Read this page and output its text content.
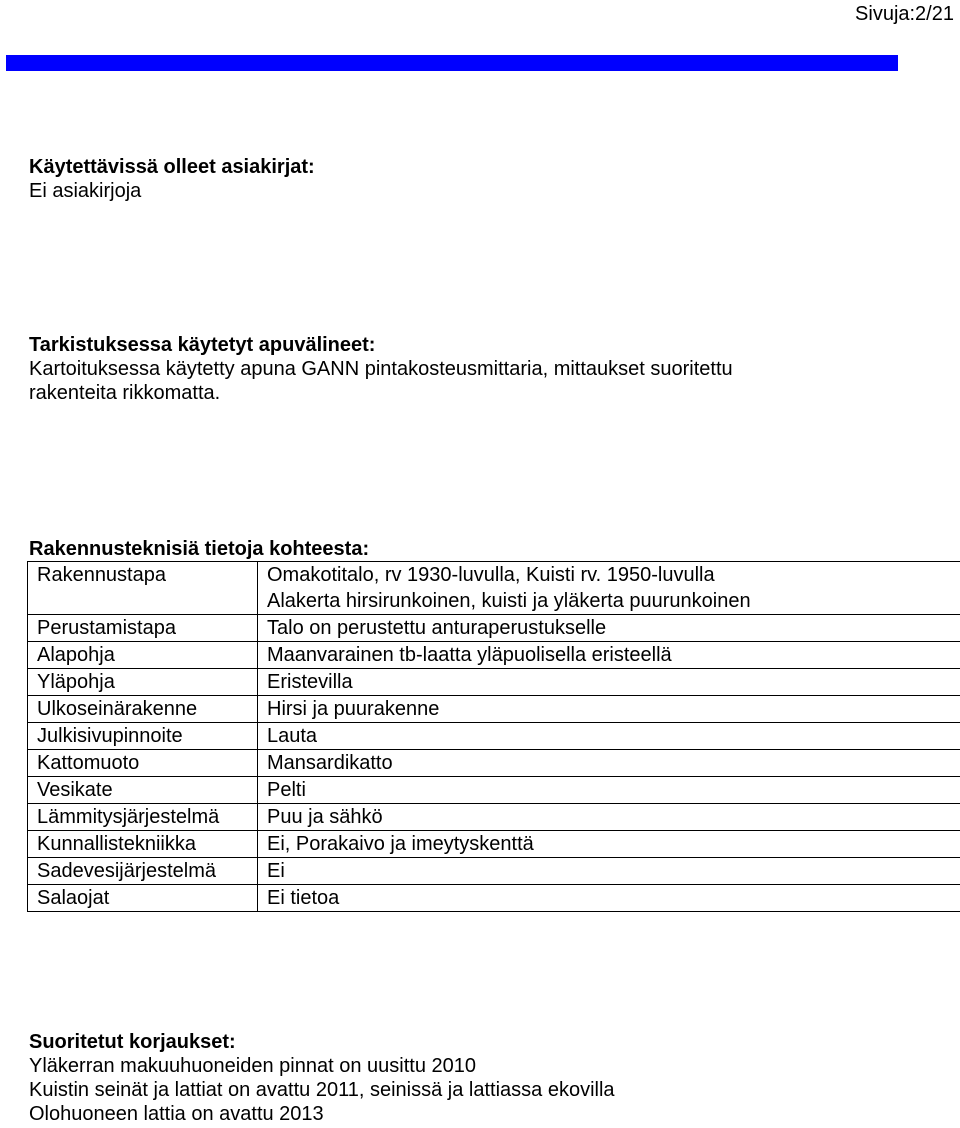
Sivuja:2/21
Käytettävissä olleet asiakirjat:
Ei asiakirjoja
Tarkistuksessa käytetyt apuvälineet:
Kartoituksessa käytetty apuna GANN pintakosteusmittaria, mittaukset suoritettu
rakenteita rikkomatta.
Rakennusteknisiä tietoja kohteesta:
Rakennustapa	Omakotitalo, rv 1930-luvulla, Kuisti rv. 1950-luvulla
Alakerta hirsirunkoinen, kuisti ja yläkerta puurunkoinen

Perustamistapa	Talo on perustettu anturaperustukselle
Alapohja	Maanvarainen tb-laatta yläpuolisella eristeellä
Yläpohja	Eristevilla
Ulkoseinärakenne	Hirsi ja puurakenne
Julkisivupinnoite	Lauta
Kattomuoto	Mansardikatto
Vesikate	Pelti
Lämmitysjärjestelmä	Puu ja sähkö
Kunnallistekniikka	Ei, Porakaivo ja imeytyskenttä
Sadevesijärjestelmä	Ei
Salaojat	Ei tietoa
Suoritetut korjaukset:
Yläkerran makuuhuoneiden pinnat on uusittu 2010
Kuistin seinät ja lattiat on avattu 2011, seinissä ja lattiassa ekovilla
Olohuoneen lattia on avattu 2013
